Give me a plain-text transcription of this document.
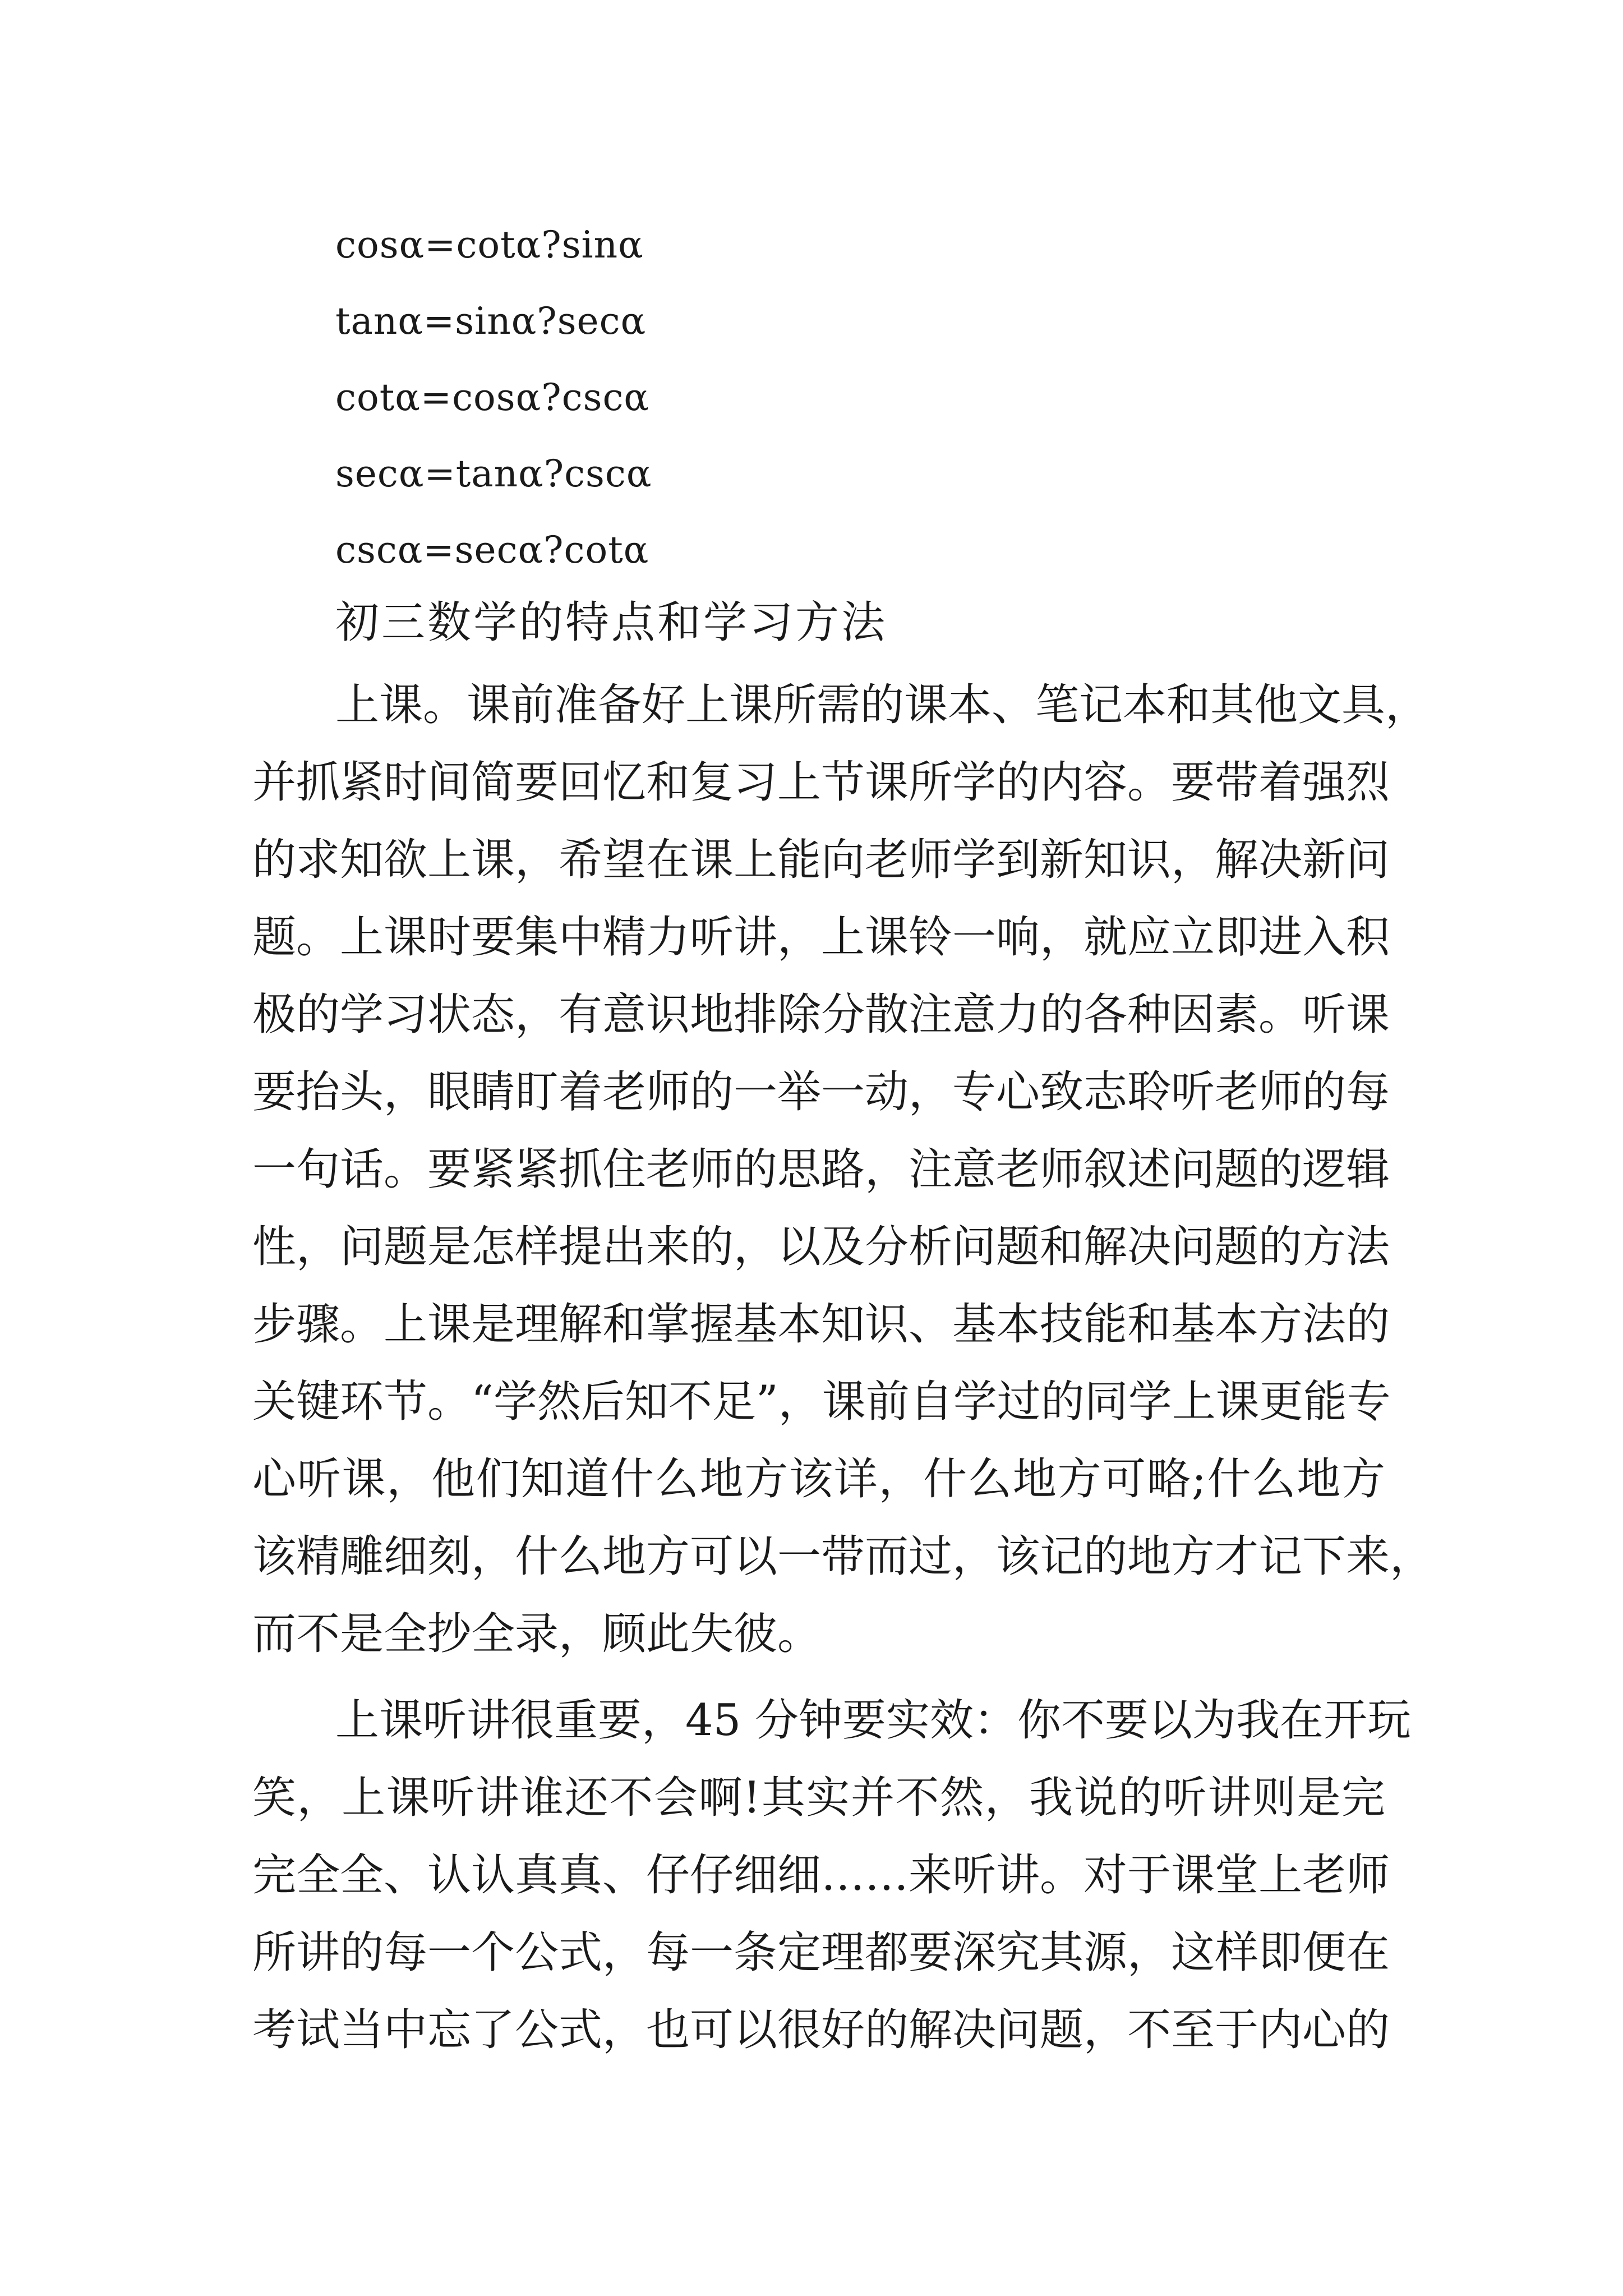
cosα=cotα?sinα
tanα=sinα?secα
cotα=cosα?cscα
secα=tanα?cscα
cscα=secα?cotα
初三数学的特点和学习方法
上课。课前准备好上课所需的课本、笔记本和其他文具，
并抓紧时间简要回忆和复习上节课所学的内容。要带着强烈
的求知欲上课，希望在课上能向老师学到新知识，解决新问
题。上课时要集中精力听讲，上课铃一响，就应立即进入积
极的学习状态，有意识地排除分散注意力的各种因素。听课
要抬头，眼睛盯着老师的一举一动，专心致志聆听老师的每
一句话。要紧紧抓住老师的思路，注意老师叙述问题的逻辑
性，问题是怎样提出来的，以及分析问题和解决问题的方法
步骤。上课是理解和掌握基本知识、基本技能和基本方法的
关键环节。“学然后知不足”，课前自学过的同学上课更能专
心听课，他们知道什么地方该详，什么地方可略;什么地方
该精雕细刻，什么地方可以一带而过，该记的地方才记下来，
而不是全抄全录，顾此失彼。
上课听讲很重要，45 分钟要实效：你不要以为我在开玩
笑，上课听讲谁还不会啊!其实并不然，我说的听讲则是完
完全全、认认真真、仔仔细细……来听讲。对于课堂上老师
所讲的每一个公式，每一条定理都要深究其源，这样即便在
考试当中忘了公式，也可以很好的解决问题，不至于内心的
